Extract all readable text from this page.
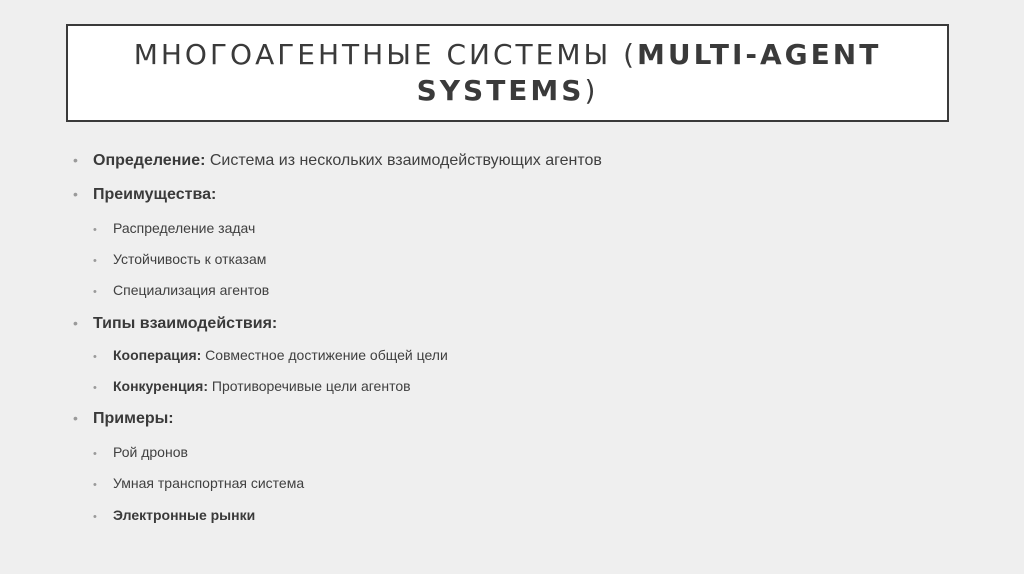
МНОГОАГЕНТНЫЕ СИСТЕМЫ (MULTI-AGENT SYSTEMS)
• Определение: Система из нескольких взаимодействующих агентов
• Преимущества:
•	Распределение задач
•	Устойчивость к отказам
•	Специализация агентов
• Типы взаимодействия:
•	Кооперация: Совместное достижение общей цели
•	Конкуренция: Противоречивые цели агентов
• Примеры:
•	Рой дронов
•	Умная транспортная система
•	Электронные рынки
